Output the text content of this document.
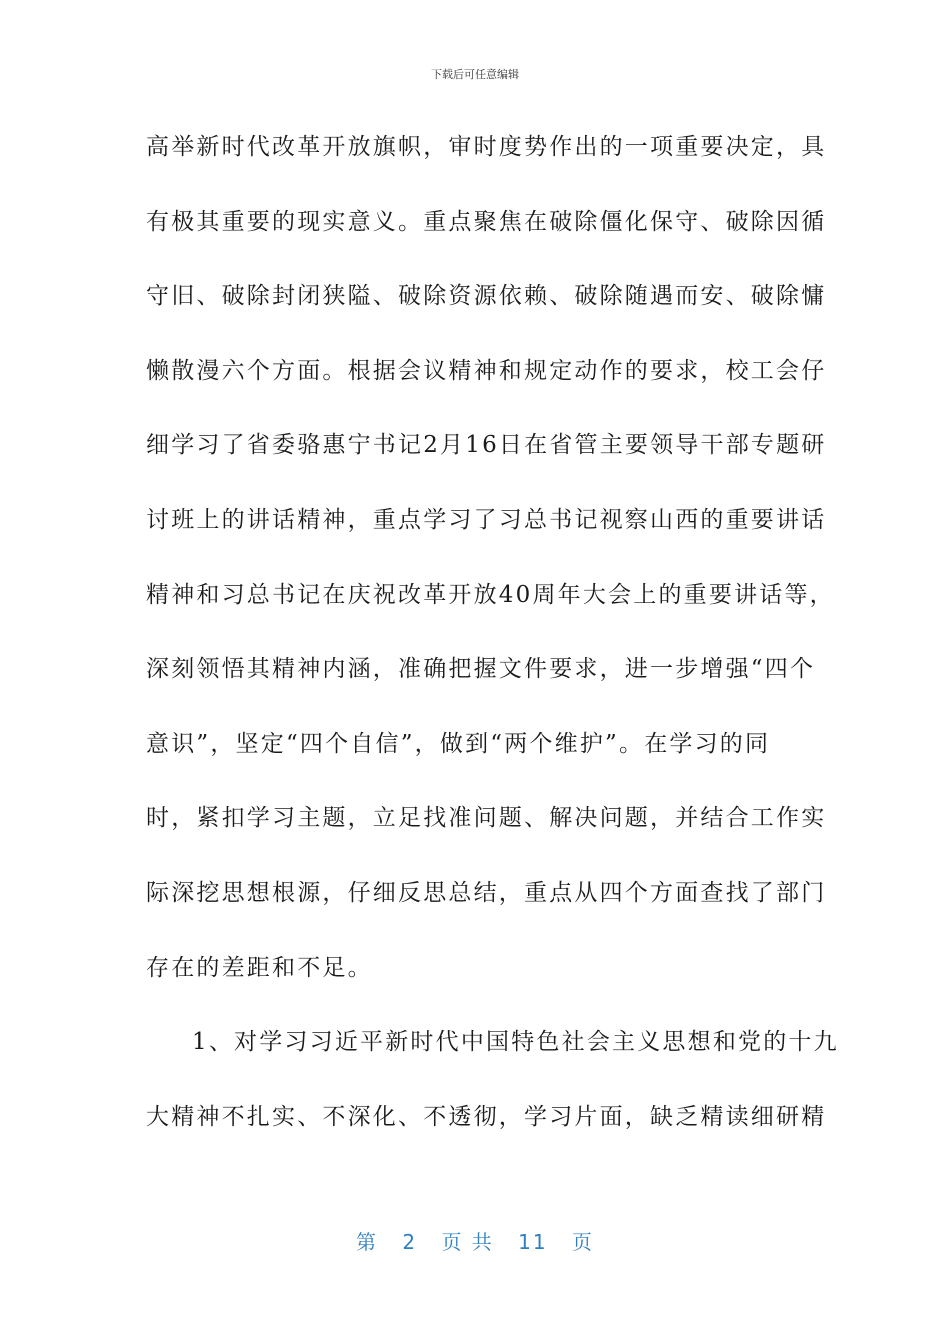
下载后可任意编辑
高举新时代改革开放旗帜，审时度势作出的一项重要决定，具
有极其重要的现实意义。重点聚焦在破除僵化保守、破除因循
守旧、破除封闭狭隘、破除资源依赖、破除随遇而安、破除慵
懒散漫六个方面。根据会议精神和规定动作的要求，校工会仔
细学习了省委骆惠宁书记2月16日在省管主要领导干部专题研
讨班上的讲话精神，重点学习了习总书记视察山西的重要讲话
精神和习总书记在庆祝改革开放40周年大会上的重要讲话等，
深刻领悟其精神内涵，准确把握文件要求，进一步增强“四个
意识”，坚定“四个自信”，做到“两个维护”。在学习的同
时，紧扣学习主题，立足找准问题、解决问题，并结合工作实
际深挖思想根源，仔细反思总结，重点从四个方面查找了部门
存在的差距和不足。
1、对学习习近平新时代中国特色社会主义思想和党的十九
大精神不扎实、不深化、不透彻，学习片面，缺乏精读细研精
第 2 页 共 11 页
